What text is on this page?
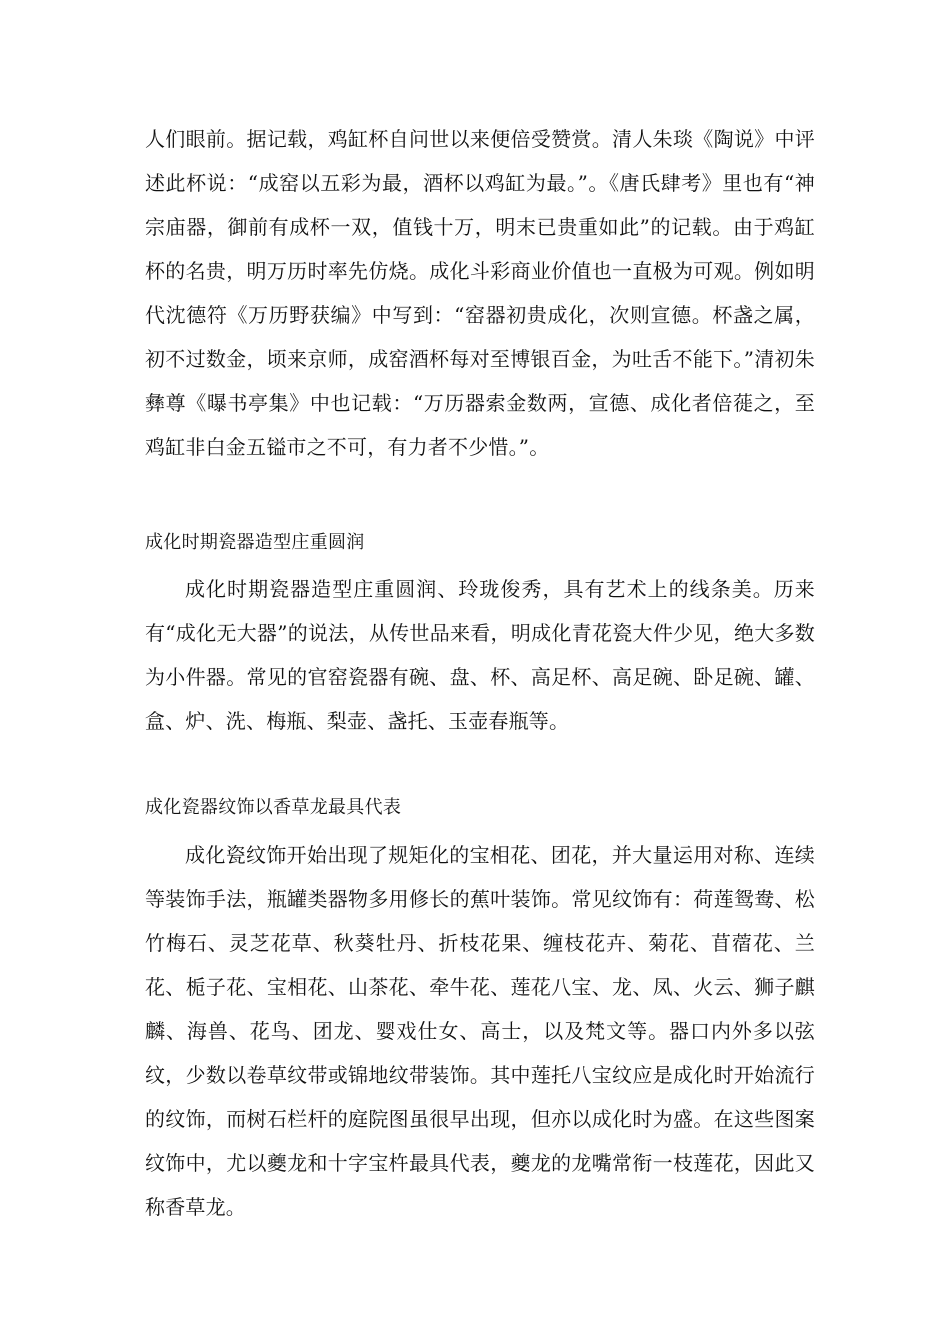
人们眼前。据记载，鸡缸杯自问世以来便倍受赞赏。清人朱琰《陶说》中评述此杯说：“成窑以五彩为最，酒杯以鸡缸为最。”。《唐氏肆考》里也有“神宗庙器，御前有成杯一双，值钱十万，明末已贵重如此”的记载。由于鸡缸杯的名贵，明万历时率先仿烧。成化斗彩商业价值也一直极为可观。例如明代沈德符《万历野获编》中写到：“窑器初贵成化，次则宣德。杯盏之属，初不过数金，顷来京师，成窑酒杯每对至博银百金，为吐舌不能下。”清初朱彝尊《曝书亭集》中也记载：“万历器索金数两，宣德、成化者倍蓰之，至鸡缸非白金五镒市之不可，有力者不少惜。”。

成化时期瓷器造型庄重圆润

成化时期瓷器造型庄重圆润、玲珑俊秀，具有艺术上的线条美。历来有“成化无大器”的说法，从传世品来看，明成化青花瓷大件少见，绝大多数为小件器。常见的官窑瓷器有碗、盘、杯、高足杯、高足碗、卧足碗、罐、盒、炉、洗、梅瓶、梨壶、盏托、玉壶春瓶等。

成化瓷器纹饰以香草龙最具代表

成化瓷纹饰开始出现了规矩化的宝相花、团花，并大量运用对称、连续等装饰手法，瓶罐类器物多用修长的蕉叶装饰。常见纹饰有：荷莲鸳鸯、松竹梅石、灵芝花草、秋葵牡丹、折枝花果、缠枝花卉、菊花、苜蓿花、兰花、栀子花、宝相花、山茶花、牵牛花、莲花八宝、龙、凤、火云、狮子麒麟、海兽、花鸟、团龙、婴戏仕女、高士，以及梵文等。器口内外多以弦纹，少数以卷草纹带或锦地纹带装饰。其中莲托八宝纹应是成化时开始流行的纹饰，而树石栏杆的庭院图虽很早出现，但亦以成化时为盛。在这些图案纹饰中，尤以夔龙和十字宝杵最具代表，夔龙的龙嘴常衔一枝莲花，因此又称香草龙。
